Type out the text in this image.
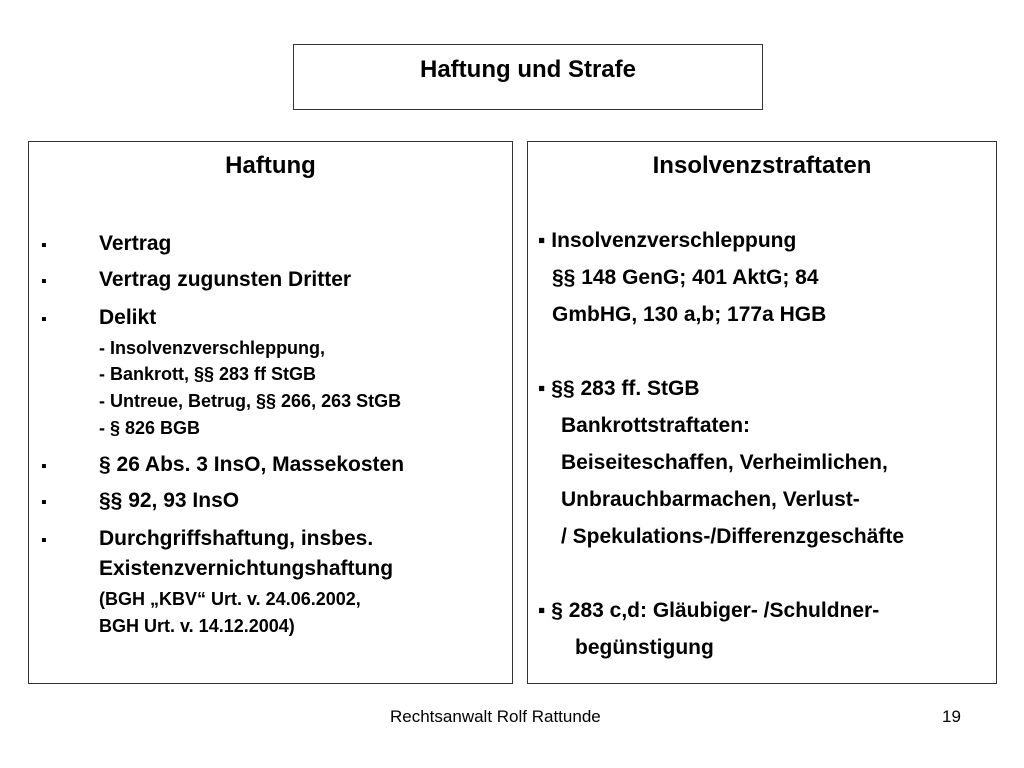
Haftung und Strafe
Haftung
▪ Vertrag
▪ Vertrag zugunsten Dritter
▪ Delikt
- Insolvenzverschleppung,
- Bankrott, §§ 283 ff StGB
- Untreue, Betrug, §§ 266, 263 StGB
- § 826 BGB
▪ § 26 Abs. 3 InsO, Massekosten
▪ §§ 92, 93 InsO
▪ Durchgriffshaftung, insbes.
Existenzvernichtungshaftung
(BGH „KBV“ Urt. v. 24.06.2002,
BGH Urt. v. 14.12.2004)
Insolvenzstraftaten
▪ Insolvenzverschleppung
§§ 148 GenG; 401 AktG; 84
GmbHG, 130 a,b; 177a HGB
▪ §§ 283 ff. StGB
Bankrottstraftaten:
Beiseiteschaffen, Verheimlichen,
Unbrauchbarmachen, Verlust-
/ Spekulations-/Differenzgeschäfte
▪ § 283 c,d: Gläubiger- /Schuldner-
begünstigung
Rechtsanwalt Rolf Rattunde	19
